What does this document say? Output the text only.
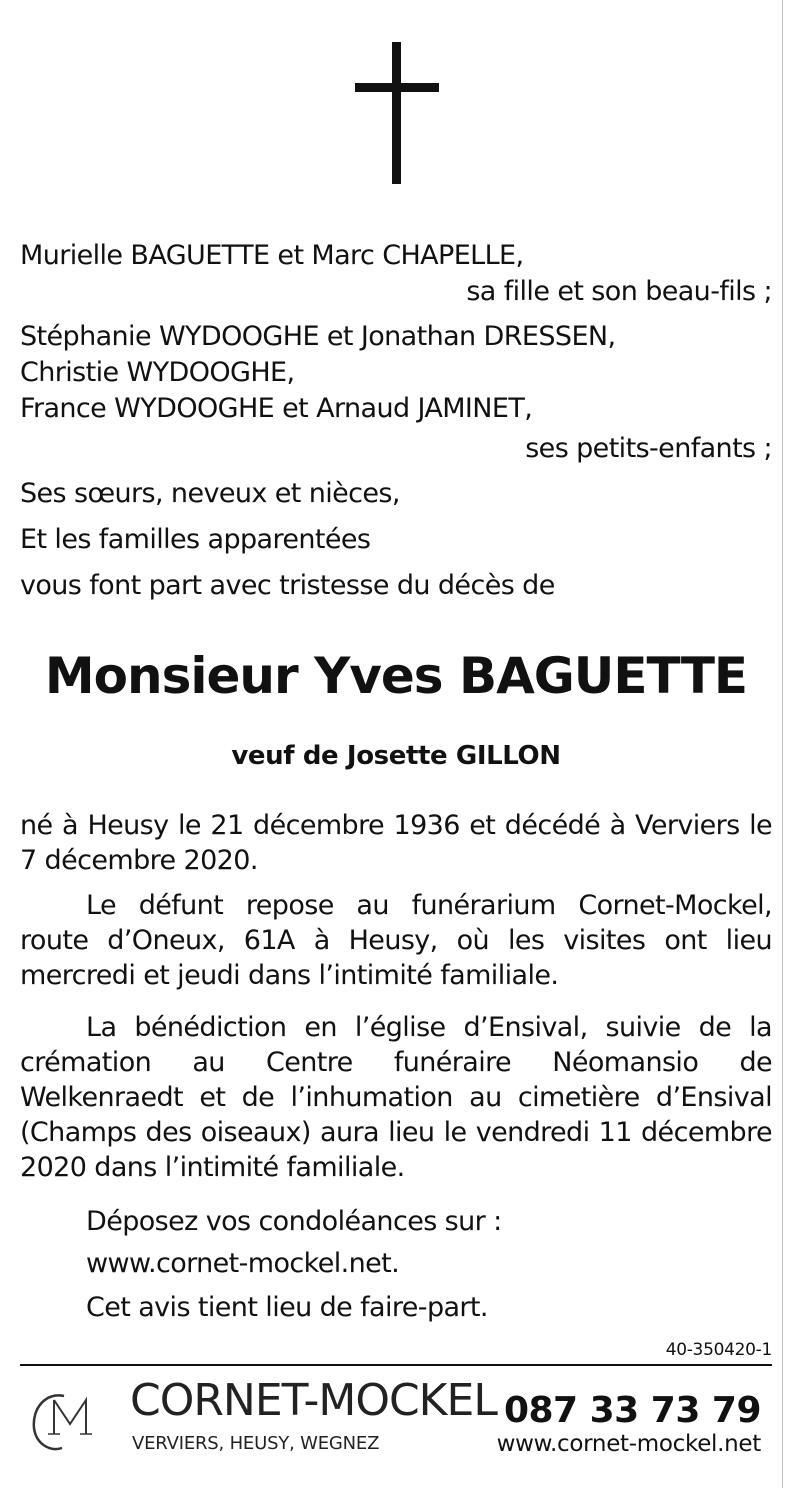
Murielle BAGUETTE et Marc CHAPELLE,
sa fille et son beau-fils ;
Stéphanie WYDOOGHE et Jonathan DRESSEN,
Christie WYDOOGHE,
France WYDOOGHE et Arnaud JAMINET,
ses petits-enfants ;
Ses sœurs, neveux et nièces,
Et les familles apparentées
vous font part avec tristesse du décès de
Monsieur Yves BAGUETTE
veuf de Josette GILLON
né à Heusy le 21 décembre 1936 et décédé à Verviers le 7 décembre 2020.
Le défunt repose au funérarium Cornet-Mockel, route d’Oneux, 61A à Heusy, où les visites ont lieu mercredi et jeudi dans l’intimité familiale.
La bénédiction en l’église d’Ensival, suivie de la crémation au Centre funéraire Néomansio de Welkenraedt et de l’inhumation au cimetière d’Ensival (Champs des oiseaux) aura lieu le vendredi 11 décembre 2020 dans l’intimité familiale.
Déposez vos condoléances sur :
www.cornet-mockel.net.
Cet avis tient lieu de faire-part.
40-350420-1
CORNET-MOCKEL
VERVIERS, HEUSY, WEGNEZ
087 33 73 79
www.cornet-mockel.net
